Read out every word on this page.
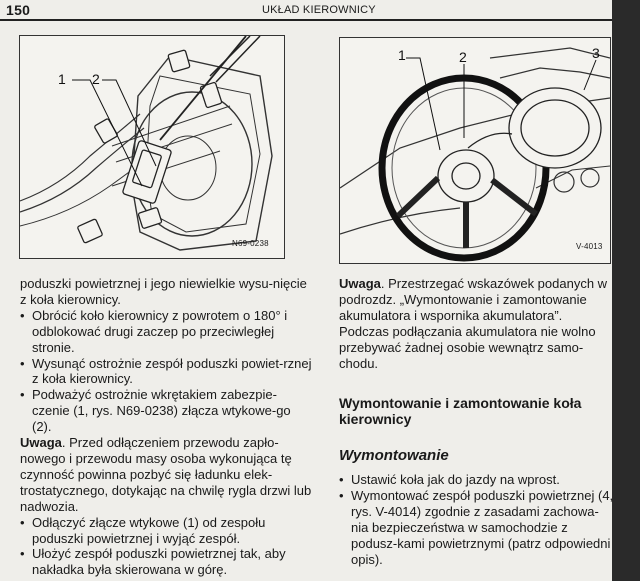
150	UKŁAD KIEROWNICY
1 2
N69-0238
1	2	3
V-4013

poduszki powietrznej i jego niewielkie wysu-nięcie z koła kierownicy.

• Obrócić koło kierownicy z powrotem o 180° i odblokować drugi zaczep po przeciwległej stronie.
• Wysunąć ostrożnie zespół poduszki powiet-rznej z koła kierownicy.
• Podważyć ostrożnie wkrętakiem zabezpie-czenie (1, rys. N69-0238) złącza wtykowe-go (2).

Uwaga. Przed odłączeniem przewodu zapło-nowego i przewodu masy osoba wykonująca tę czynność powinna pozbyć się ładunku elek-trostatycznego, dotykając na chwilę rygla drzwi lub nadwozia.

• Odłączyć złącze wtykowe (1) od zespołu poduszki powietrznej i wyjąć zespół.
• Ułożyć zespół poduszki powietrznej tak, aby nakładka była skierowana w górę.

Uwaga. Przestrzegać wskazówek podanych w podrozdz. „Wymontowanie i zamontowanie akumulatora i wspornika akumulatora”.

Podczas podłączania akumulatora nie wolno przebywać żadnej osobie wewnątrz samo-chodu.

Wymontowanie i zamontowanie koła kierownicy
Wymontowanie
• Ustawić koła jak do jazdy na wprost.
• Wymontować zespół poduszki powietrznej (4, rys. V-4014) zgodnie z zasadami zachowa-nia bezpieczeństwa w samochodzie z podusz-kami powietrznymi (patrz odpowiedni opis).
